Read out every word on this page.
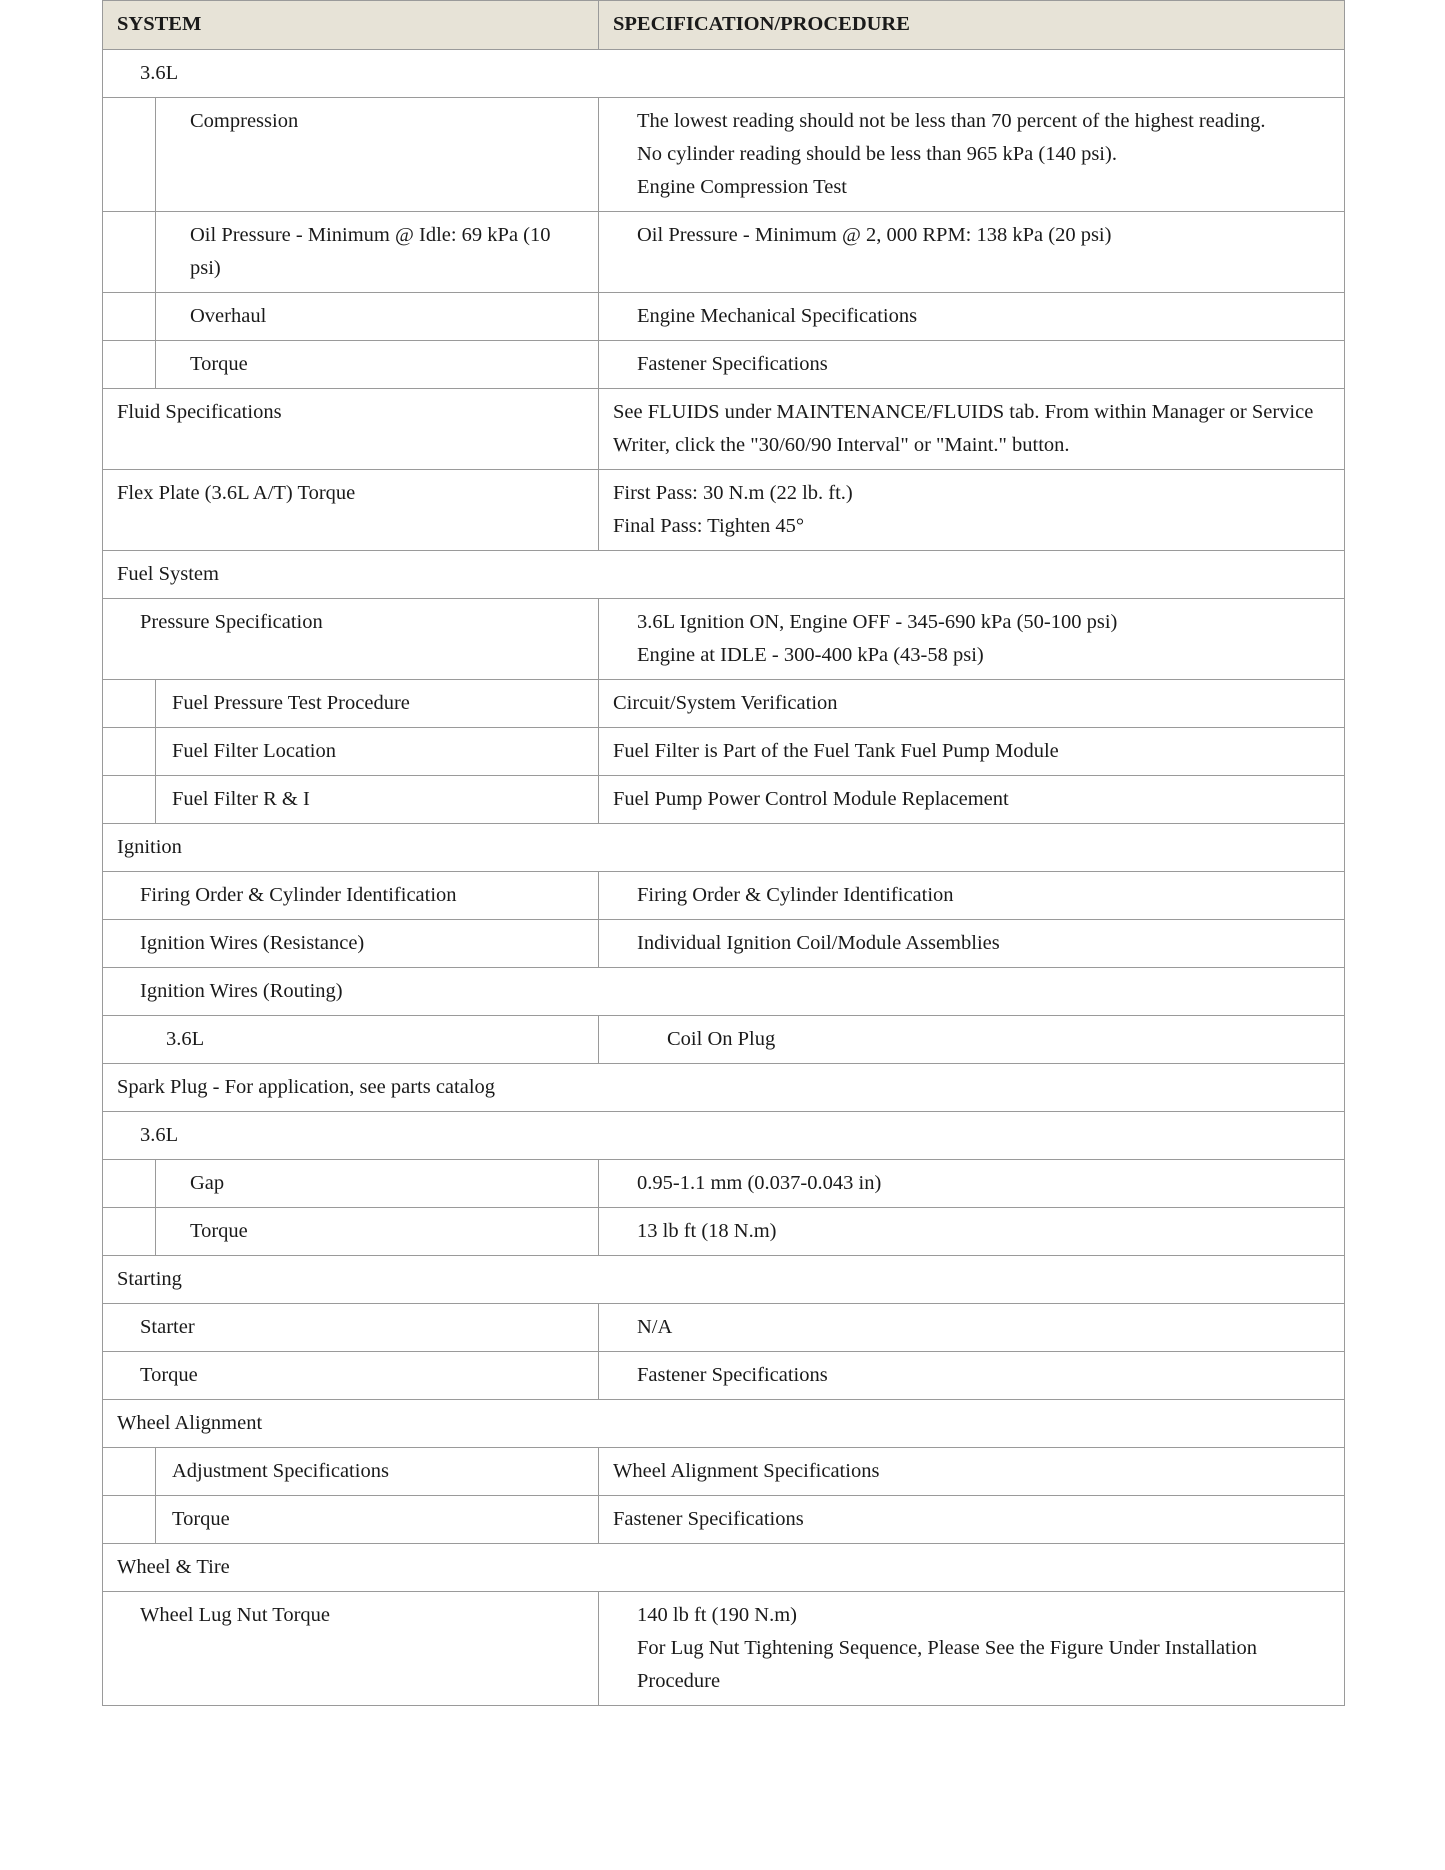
SYSTEM		SPECIFICATION/PROCEDURE
3.6L		
	Compression	The lowest reading should not be less than 70 percent of the highest reading.
No cylinder reading should be less than 965 kPa (140 psi).
Engine Compression Test

	Oil Pressure - Minimum @ Idle: 69 kPa (10 psi)	Oil Pressure - Minimum @ 2, 000 RPM: 138 kPa (20 psi)
	Overhaul	Engine Mechanical Specifications
	Torque	Fastener Specifications
Fluid Specifications		See FLUIDS under MAINTENANCE/FLUIDS tab. From within Manager or Service Writer, click the "30/60/90 Interval" or "Maint." button.
Flex Plate (3.6L A/T) Torque		First Pass: 30 N.m (22 lb. ft.)
Final Pass: Tighten 45°

Fuel System		
Pressure Specification		3.6L Ignition ON, Engine OFF - 345-690 kPa (50-100 psi)
Engine at IDLE - 300-400 kPa (43-58 psi)

	Fuel Pressure Test Procedure	Circuit/System Verification
	Fuel Filter Location	Fuel Filter is Part of the Fuel Tank Fuel Pump Module
	Fuel Filter R & I	Fuel Pump Power Control Module Replacement
Ignition		
Firing Order & Cylinder Identification		Firing Order & Cylinder Identification
Ignition Wires (Resistance)		Individual Ignition Coil/Module Assemblies
Ignition Wires (Routing)		
3.6L		Coil On Plug
Spark Plug - For application, see parts catalog		
3.6L		
	Gap	0.95-1.1 mm (0.037-0.043 in)
	Torque	13 lb ft (18 N.m)
Starting		
Starter		N/A
Torque		Fastener Specifications
Wheel Alignment		
	Adjustment Specifications	Wheel Alignment Specifications
	Torque	Fastener Specifications
Wheel & Tire		
Wheel Lug Nut Torque		140 lb ft (190 N.m)
For Lug Nut Tightening Sequence, Please See the Figure Under Installation Procedure
